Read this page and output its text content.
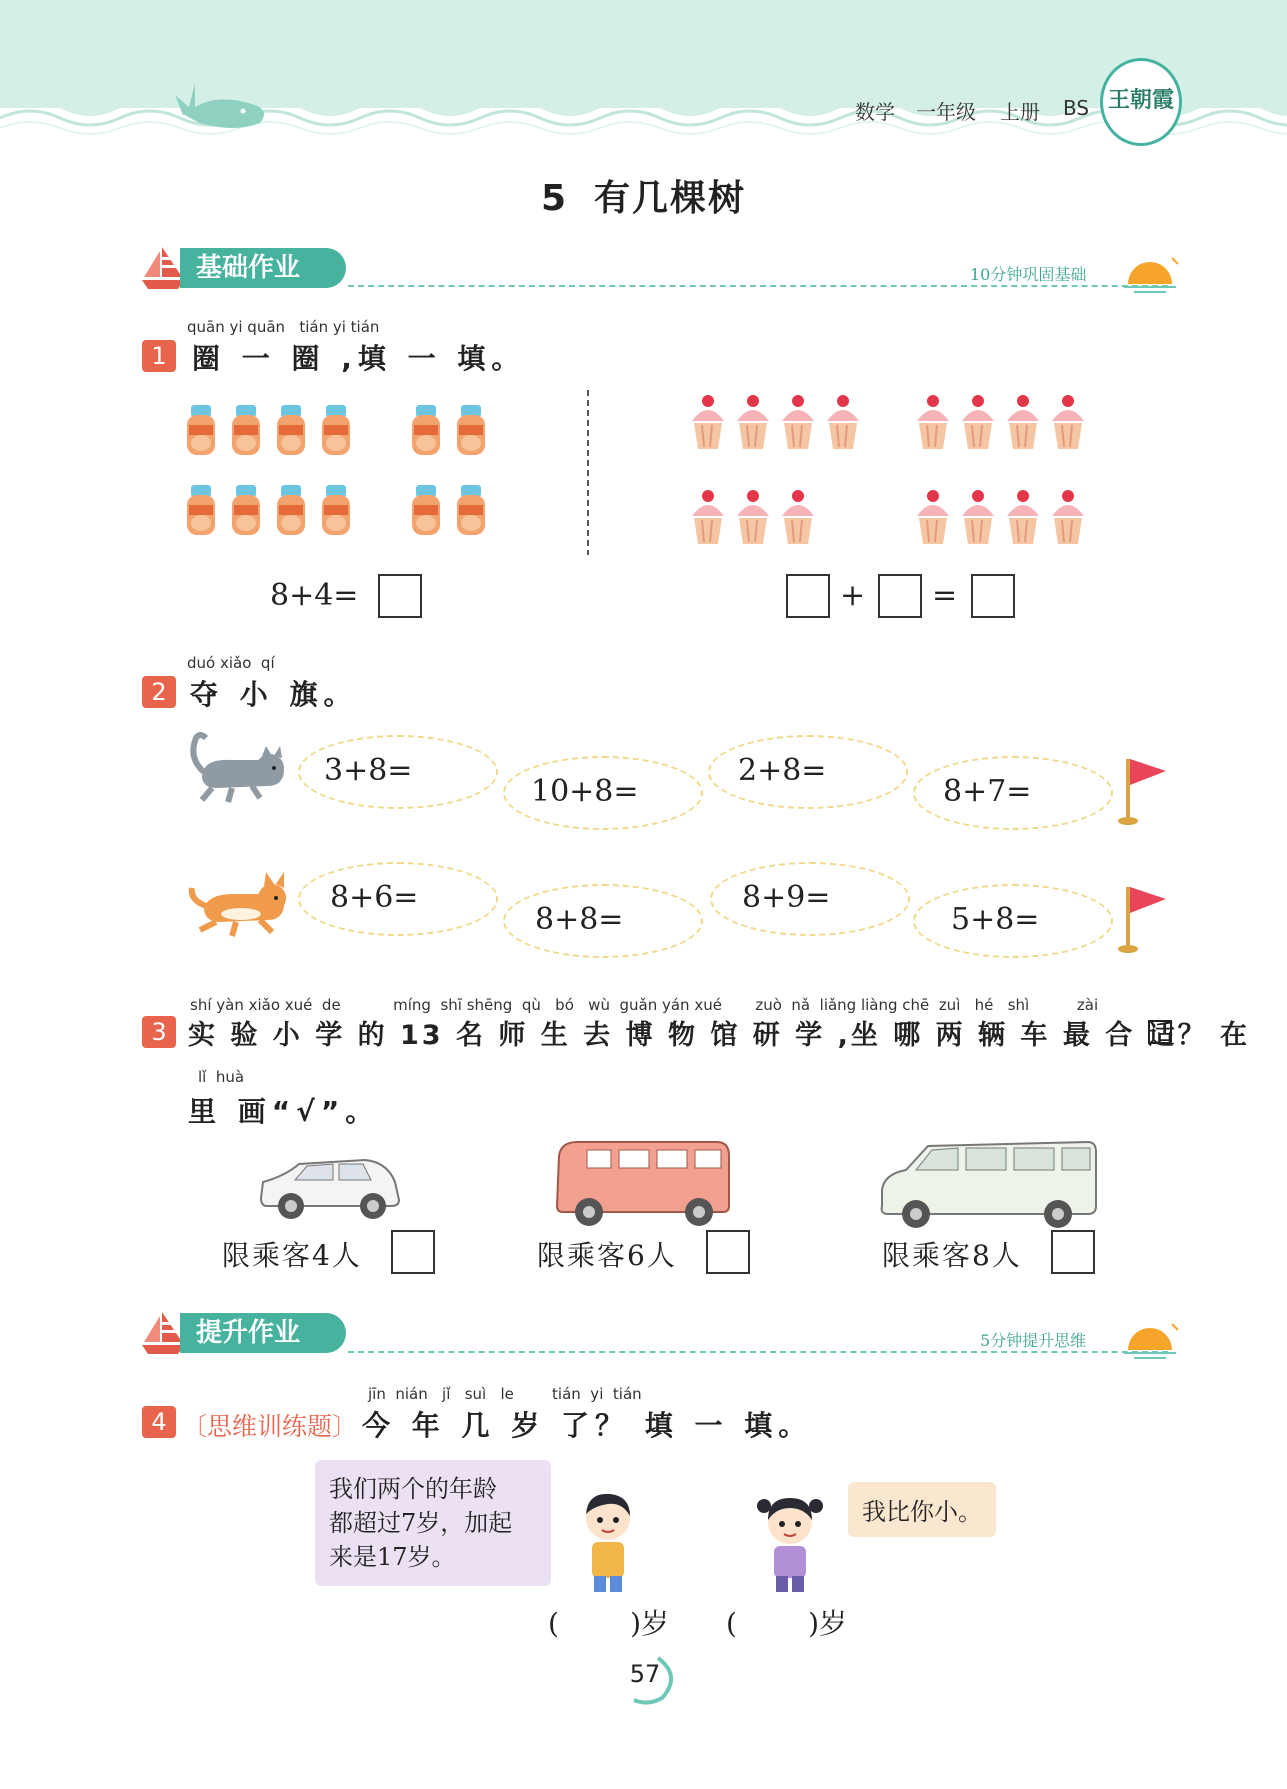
数学 一年级 上册 BS 王朝霞
5 有几棵树
基础作业	10分钟巩固基础
quān yi quān   tián yi tián
1 圈 一 圈 ,填 一 填。
8+4=	+ =
duó xiǎo  qí
2 夺 小 旗。
3+8=
10+8=
2+8=
8+7=
8+6=
8+8=
8+9=
5+8=
shí yàn xiǎo xué  de           míng  shī shēng  qù   bó   wù  guǎn yán xué       zuò  nǎ  liǎng liàng chē  zuì   hé   shì          zài
3 实 验 小 学 的 13 名 师 生 去 博 物 馆 研 学 ,坐 哪 两 辆 车 最 合 适？ 在
lǐ  huà
里 画“√”。
限乘客4人	限乘客6人	限乘客8人
提升作业	5分钟提升思维
jīn  nián   jǐ   suì   le        tián  yi  tián
4 〔思维训练题〕 今 年 几 岁 了？ 填 一 填。
我们两个的年龄
都超过7岁，加起
来是17岁。
我比你小。
(        )岁 (        )岁
57
